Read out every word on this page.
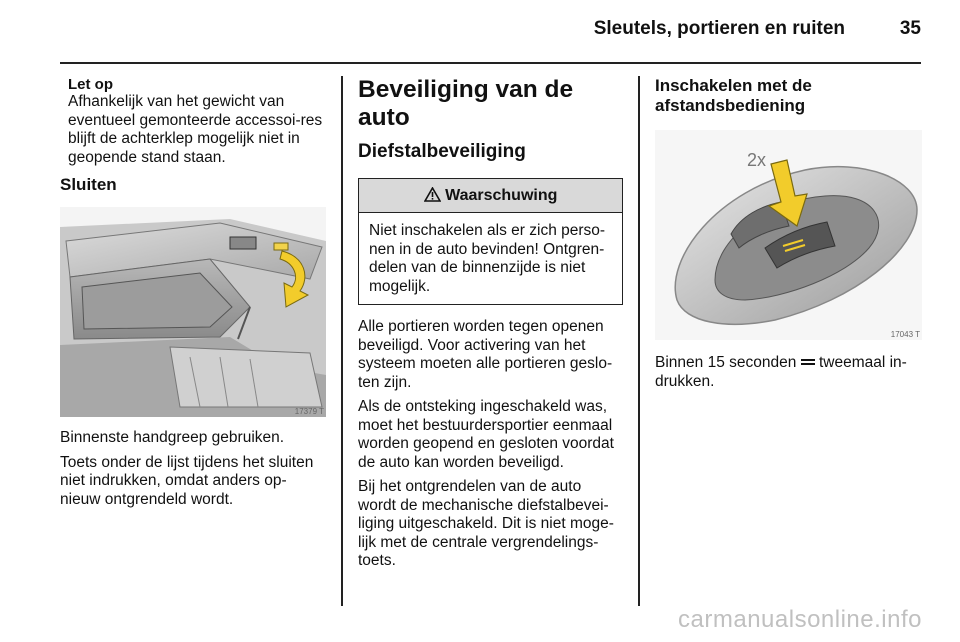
Sleutels, portieren en ruiten	35
Let op
Afhankelijk van het gewicht van eventueel gemonteerde accessoi-res blijft de achterklep mogelijk niet in geopende stand staan.
Sluiten
17379 T

Binnenste handgreep gebruiken.

Toets onder de lijst tijdens het sluiten niet indrukken, omdat anders op-nieuw ontgrendeld wordt.

Beveiliging van de auto
Diefstalbeveiliging
Waarschuwing

Niet inschakelen als er zich perso-nen in de auto bevinden! Ontgren-delen van de binnenzijde is niet mogelijk.

Alle portieren worden tegen openen beveiligd. Voor activering van het systeem moeten alle portieren geslo-ten zijn.

Als de ontsteking ingeschakeld was, moet het bestuurdersportier eenmaal worden geopend en gesloten voordat de auto kan worden beveiligd.

Bij het ontgrendelen van de auto wordt de mechanische diefstalbevei-liging uitgeschakeld. Dit is niet moge-lijk met de centrale vergrendelings-toets.

Inschakelen met de afstandsbediening
2x
17043 T

Binnen 15 seconden tweemaal in-drukken.

carmanualsonline.info
